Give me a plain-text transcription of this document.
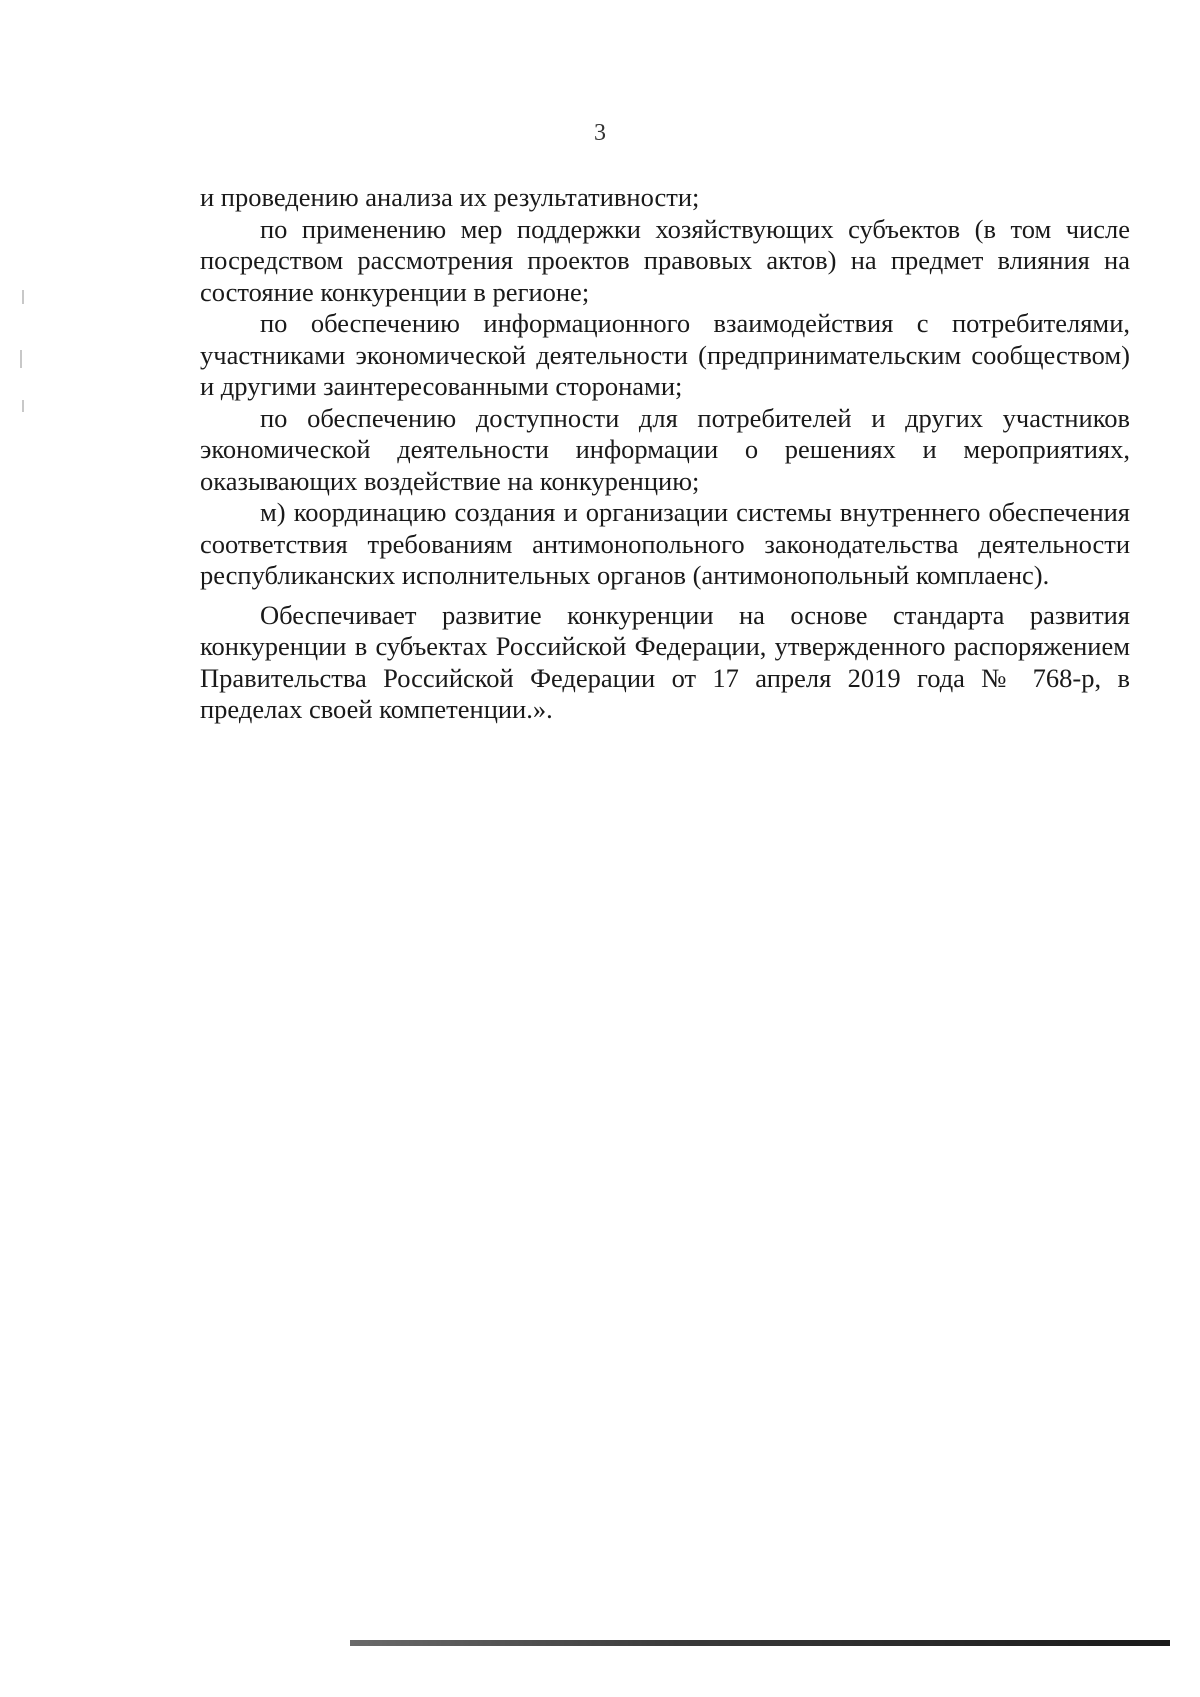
3

и проведению анализа их результативности;

по применению мер поддержки хозяйствующих субъектов (в том числе посредством рассмотрения проектов правовых актов) на предмет влияния на состояние конкуренции в регионе;

по обеспечению информационного взаимодействия с потребителями, участниками экономической деятельности (предпринимательским сообществом) и другими заинтересованными сторонами;

по обеспечению доступности для потребителей и других участников экономической деятельности информации о решениях и мероприятиях, оказывающих воздействие на конкуренцию;

м) координацию создания и организации системы внутреннего обеспечения соответствия требованиям антимонопольного законодательства деятельности республиканских исполнительных органов (антимонопольный комплаенс).

Обеспечивает развитие конкуренции на основе стандарта развития конкуренции в субъектах Российской Федерации, утвержденного распоряжением Правительства Российской Федерации от 17 апреля 2019 года № 768-р, в пределах своей компетенции.».
